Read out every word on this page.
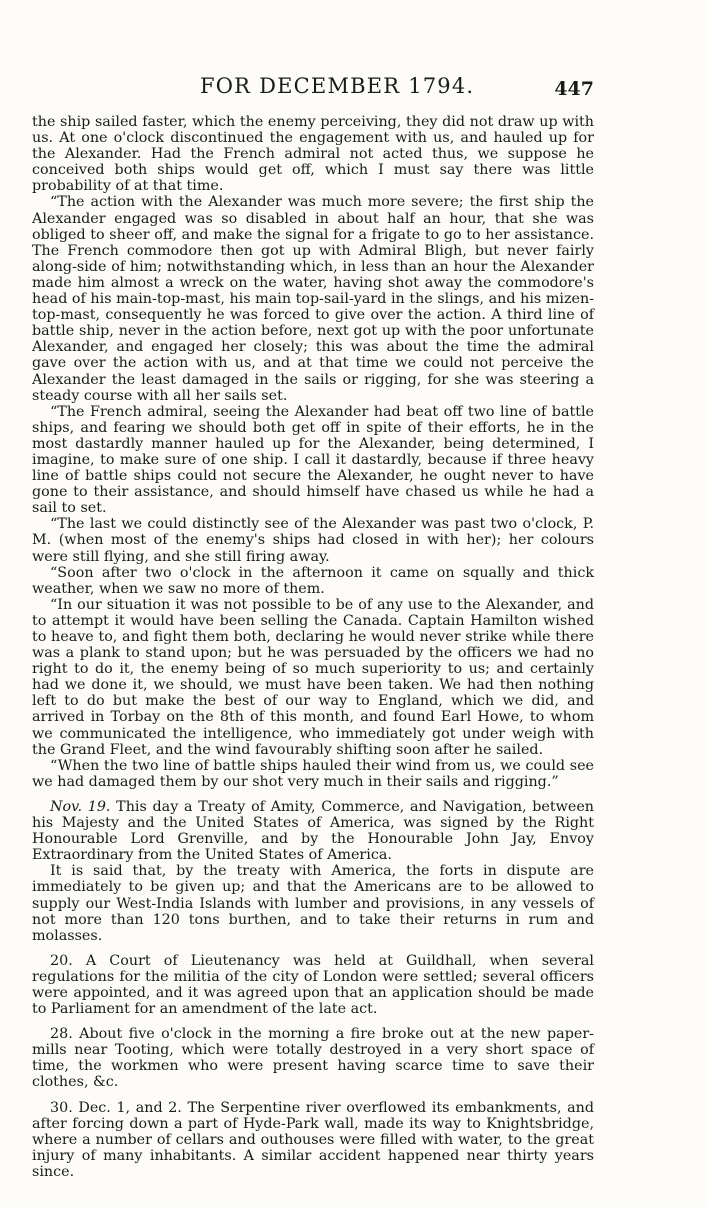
FOR DECEMBER 1794.	447

the ship sailed faster, which the enemy perceiving, they did not draw up with us. At one o'clock discontinued the engagement with us, and hauled up for the Alexander. Had the French admiral not acted thus, we suppose he conceived both ships would get off, which I must say there was little probability of at that time.

“The action with the Alexander was much more severe; the first ship the Alexander engaged was so disabled in about half an hour, that she was obliged to sheer off, and make the signal for a frigate to go to her assistance. The French commodore then got up with Admiral Bligh, but never fairly along-side of him; notwithstanding which, in less than an hour the Alexander made him almost a wreck on the water, having shot away the commodore's head of his main-top-mast, his main top-sail-yard in the slings, and his mizen-top-mast, consequently he was forced to give over the action. A third line of battle ship, never in the action before, next got up with the poor unfortunate Alexander, and engaged her closely; this was about the time the admiral gave over the action with us, and at that time we could not perceive the Alexander the least damaged in the sails or rigging, for she was steering a steady course with all her sails set.

“The French admiral, seeing the Alexander had beat off two line of battle ships, and fearing we should both get off in spite of their efforts, he in the most dastardly manner hauled up for the Alexander, being determined, I imagine, to make sure of one ship. I call it dastardly, because if three heavy line of battle ships could not secure the Alexander, he ought never to have gone to their assistance, and should himself have chased us while he had a sail to set.

“The last we could distinctly see of the Alexander was past two o'clock, P. M. (when most of the enemy's ships had closed in with her); her colours were still flying, and she still firing away.

“Soon after two o'clock in the afternoon it came on squally and thick weather, when we saw no more of them.

“In our situation it was not possible to be of any use to the Alexander, and to attempt it would have been selling the Canada. Captain Hamilton wished to heave to, and fight them both, declaring he would never strike while there was a plank to stand upon; but he was persuaded by the officers we had no right to do it, the enemy being of so much superiority to us; and certainly had we done it, we should, we must have been taken. We had then nothing left to do but make the best of our way to England, which we did, and arrived in Torbay on the 8th of this month, and found Earl Howe, to whom we communicated the intelligence, who immediately got under weigh with the Grand Fleet, and the wind favourably shifting soon after he sailed.

“When the two line of battle ships hauled their wind from us, we could see we had damaged them by our shot very much in their sails and rigging.”

Nov. 19. This day a Treaty of Amity, Commerce, and Navigation, between his Majesty and the United States of America, was signed by the Right Honourable Lord Grenville, and by the Honourable John Jay, Envoy Extraordinary from the United States of America.

It is said that, by the treaty with America, the forts in dispute are immediately to be given up; and that the Americans are to be allowed to supply our West-India Islands with lumber and provisions, in any vessels of not more than 120 tons burthen, and to take their returns in rum and molasses.

20. A Court of Lieutenancy was held at Guildhall, when several regulations for the militia of the city of London were settled; several officers were appointed, and it was agreed upon that an application should be made to Parliament for an amendment of the late act.

28. About five o'clock in the morning a fire broke out at the new paper-mills near Tooting, which were totally destroyed in a very short space of time, the workmen who were present having scarce time to save their clothes, &c.

30. Dec. 1, and 2. The Serpentine river overflowed its embankments, and after forcing down a part of Hyde-Park wall, made its way to Knightsbridge, where a number of cellars and outhouses were filled with water, to the great injury of many inhabitants. A similar accident happened near thirty years since.
